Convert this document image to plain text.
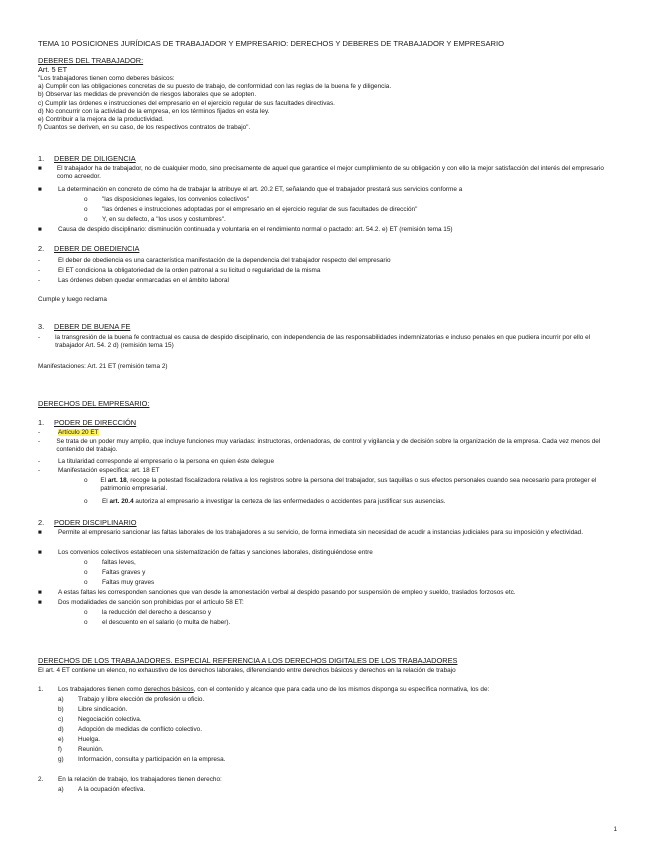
TEMA 10 POSICIONES JURÍDICAS DE TRABAJADOR Y EMPRESARIO: DERECHOS Y DEBERES DE TRABAJADOR Y EMPRESARIO
DEBERES DEL TRABAJADOR:
Art. 5 ET
"Los trabajadores tienen como deberes básicos:
a) Cumplir con las obligaciones concretas de su puesto de trabajo, de conformidad con las reglas de la buena fe y diligencia.
b) Observar las medidas de prevención de riesgos laborales que se adopten.
c) Cumplir las órdenes e instrucciones del empresario en el ejercicio regular de sus facultades directivas.
d) No concurrir con la actividad de la empresa, en los términos fijados en esta ley.
e) Contribuir a la mejora de la productividad.
f) Cuantos se deriven, en su caso, de los respectivos contratos de trabajo".
1. DEBER DE DILIGENCIA
■	El trabajador ha de trabajador, no de cualquier modo, sino precisamente de aquel que garantice el mejor cumplimiento de su obligación y con ello la mejor satisfacción del interés del empresario como acreedor.
■	La determinación en concreto de cómo ha de trabajar la atribuye el art. 20.2 ET, señalando que el trabajador prestará sus servicios conforme a
o "las disposiciones legales, los convenios colectivos"
o "las órdenes e instrucciones adoptadas por el empresario en el ejercicio regular de sus facultades de dirección"
o Y, en su defecto, a "los usos y costumbres".
■	Causa de despido disciplinario: disminución continuada y voluntaria en el rendimiento normal o pactado: art. 54.2. e) ET (remisión tema 15)
2. DEBER DE OBEDIENCIA
-	El deber de obediencia es una característica manifestación de la dependencia del trabajador respecto del empresario
-	El ET condiciona la obligatoriedad de la orden patronal a su licitud o regularidad de la misma
-	Las órdenes deben quedar enmarcadas en el ámbito laboral
Cumple y luego reclama
3. DEBER DE BUENA FE
-	la transgresión de la buena fe contractual es causa de despido disciplinario, con independencia de las responsabilidades indemnizatorias e incluso penales en que pudiera incurrir por ello el trabajador Art. 54. 2 d) (remisión tema 15)
Manifestaciones: Art. 21 ET (remisión tema 2)
DERECHOS DEL EMPRESARIO:
1. PODER DE DIRECCIÓN
-	Artículo 20 ET
-	Se trata de un poder muy amplio, que incluye funciones muy variadas: instructoras, ordenadoras, de control y vigilancia y de decisión sobre la organización de la empresa. Cada vez menos del contenido del trabajo.
-	La titularidad corresponde al empresario o la persona en quien éste delegue
-	Manifestación específica: art. 18 ET
o	El art. 18, recoge la potestad fiscalizadora relativa a los registros sobre la persona del trabajador, sus taquillas o sus efectos personales cuando sea necesario para proteger el patrimonio empresarial.
o El art. 20.4 autoriza al empresario a investigar la certeza de las enfermedades o accidentes para justificar sus ausencias.
2. PODER DISCIPLINARIO
■	Permite al empresario sancionar las faltas laborales de los trabajadores a su servicio, de forma inmediata sin necesidad de acudir a instancias judiciales para su imposición y efectividad.
■	Los convenios colectivos establecen una sistematización de faltas y sanciones laborales, distinguiéndose entre
o faltas leves,
o Faltas graves y
o Faltas muy graves
■	A estas faltas les corresponden sanciones que van desde la amonestación verbal al despido pasando por suspensión de empleo y sueldo, traslados forzosos etc.
■	Dos modalidades de sanción son prohibidas por el artículo 58 ET:
o la reducción del derecho a descanso y
o el descuento en el salario (o multa de haber).
DERECHOS DE LOS TRABAJADORES. ESPECIAL REFERENCIA A LOS DERECHOS DIGITALES DE LOS TRABAJADORES
El art. 4 ET contiene un elenco, no exhaustivo de los derechos laborales, diferenciando entre derechos básicos y derechos en la relación de trabajo
1. Los trabajadores tienen como derechos básicos, con el contenido y alcance que para cada uno de los mismos disponga su específica normativa, los de:
a) Trabajo y libre elección de profesión u oficio.
b) Libre sindicación.
c) Negociación colectiva.
d) Adopción de medidas de conflicto colectivo.
e) Huelga.
f)	Reunión.
g) Información, consulta y participación en la empresa.
2. En la relación de trabajo, los trabajadores tienen derecho:
a) A la ocupación efectiva.
1
